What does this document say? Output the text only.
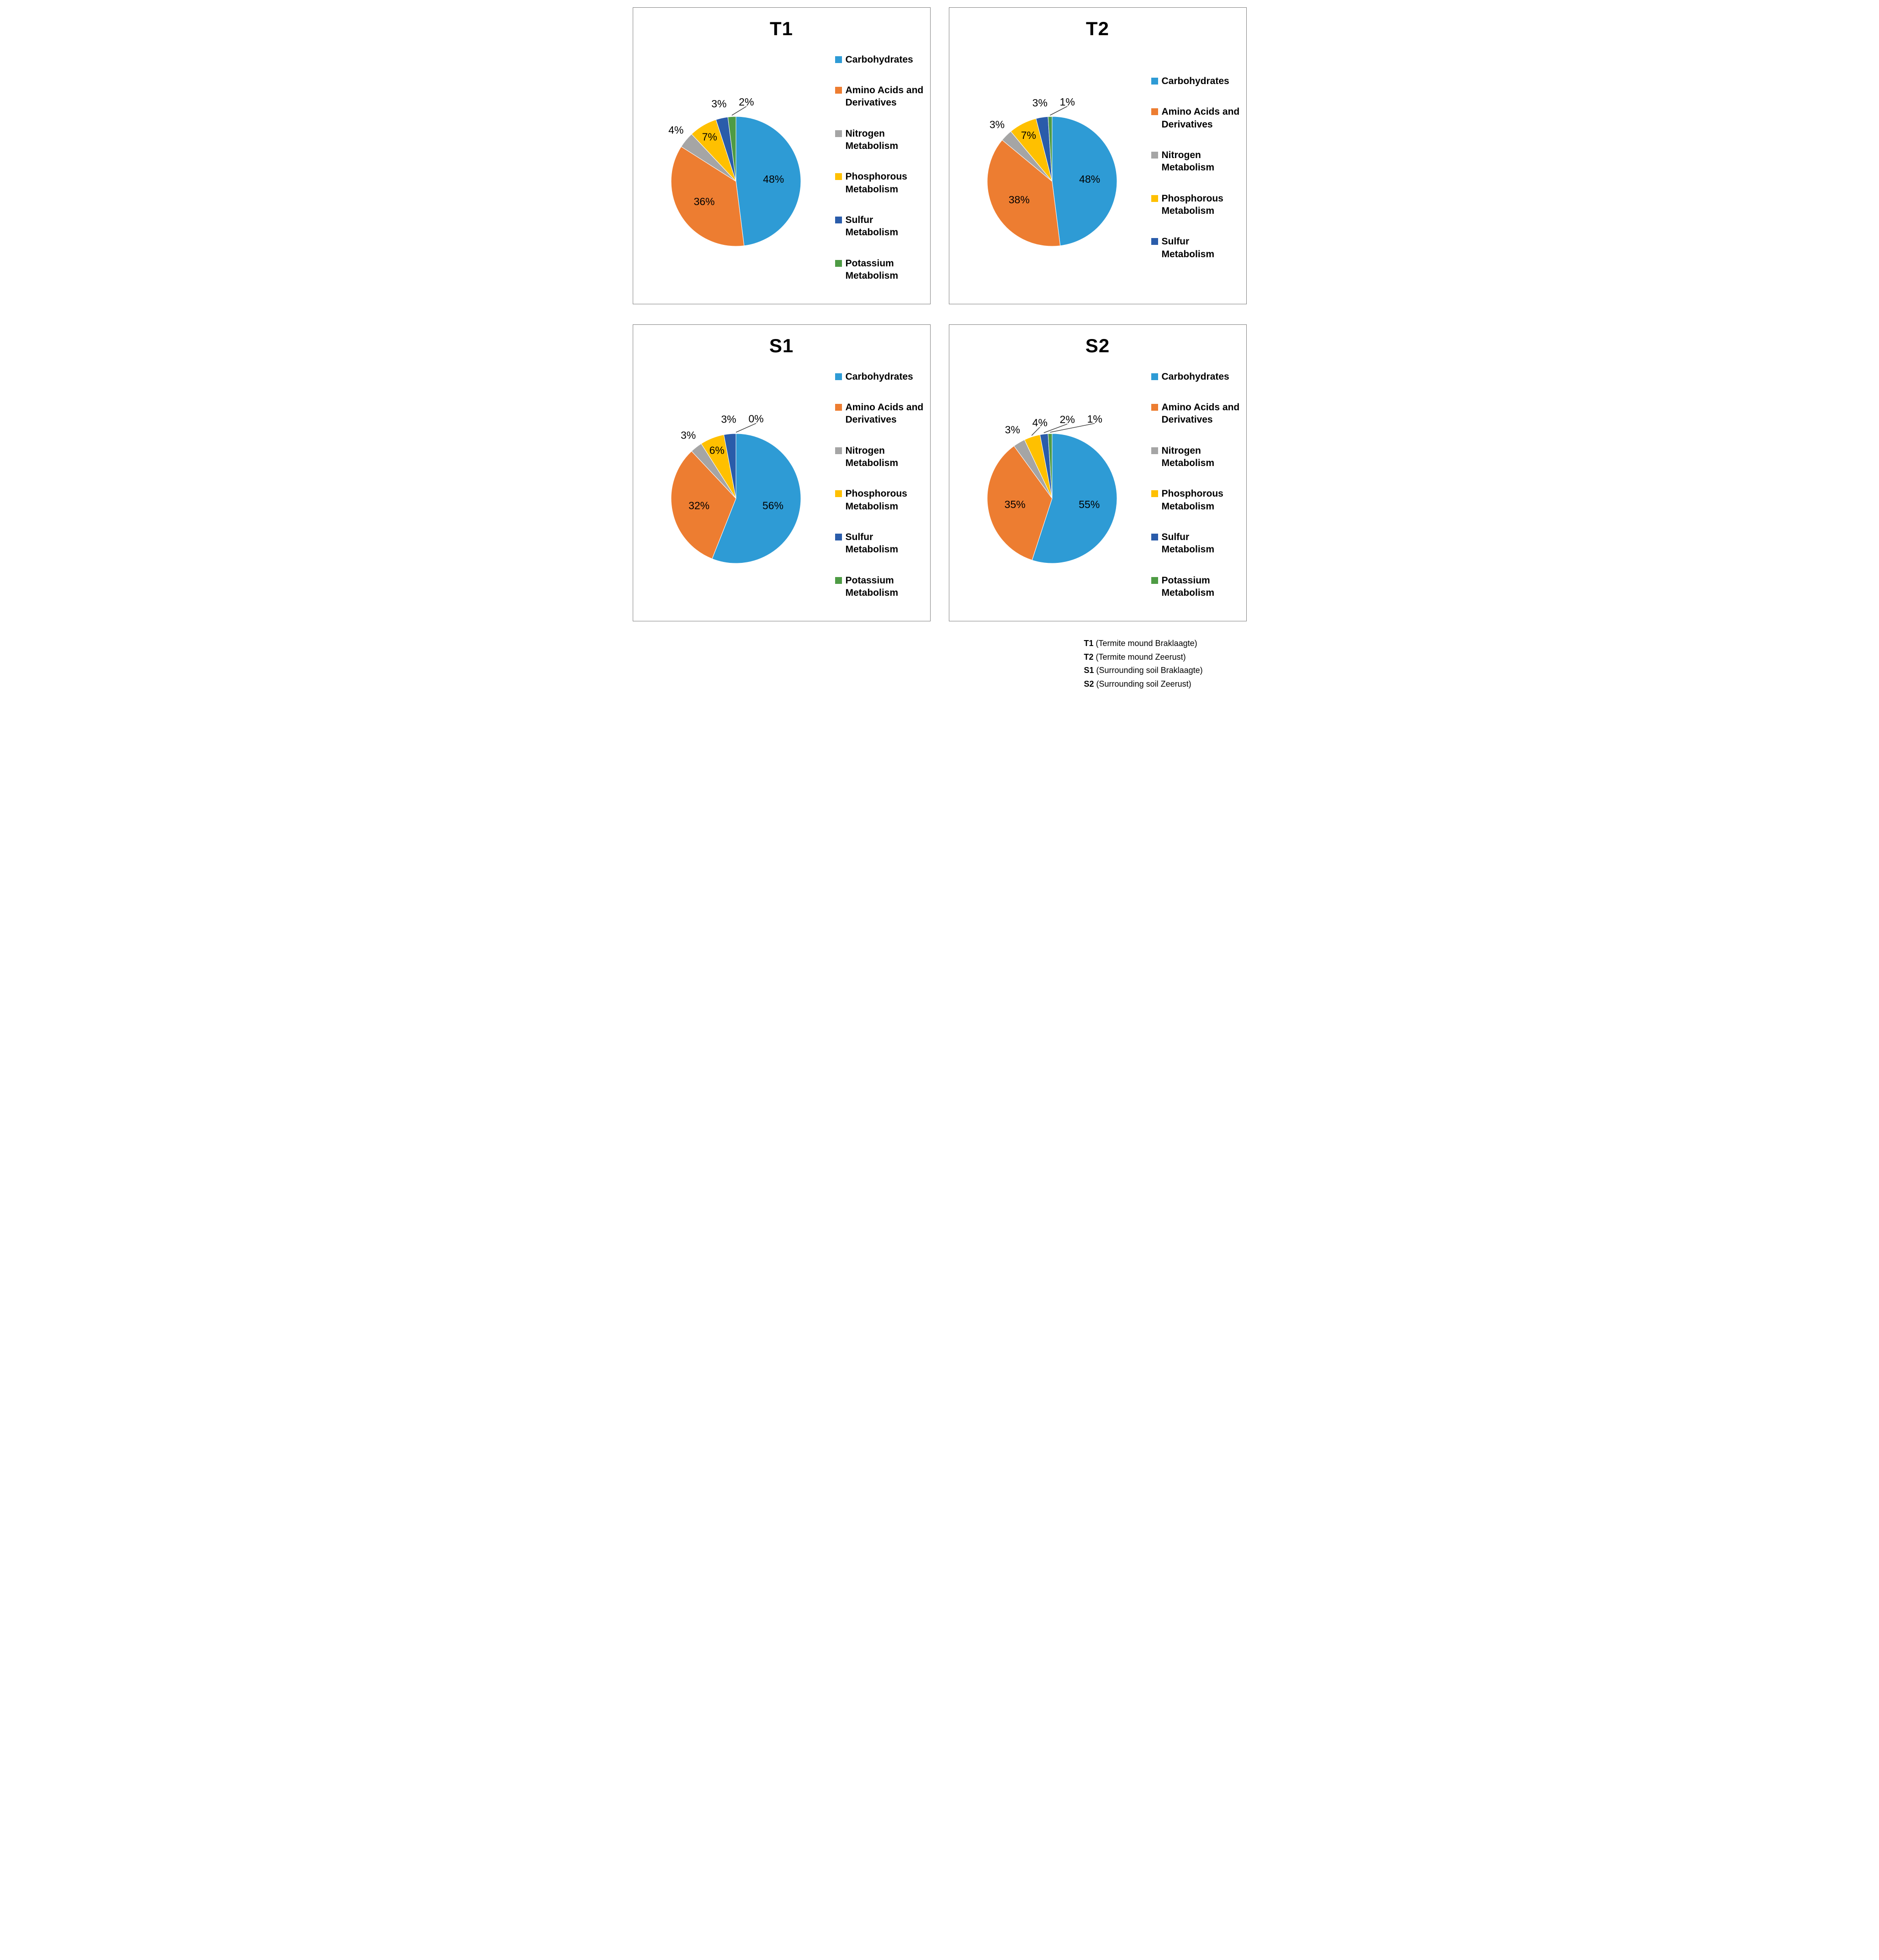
T1
48%
36%
7%
4%
3% 2%
Carbohydrates
Amino Acids and Derivatives
Nitrogen Metabolism
Phosphorous Metabolism
Sulfur Metabolism
Potassium Metabolism
T2
48%
38%
7%
3%
3% 1%
Carbohydrates
Amino Acids and Derivatives
Nitrogen Metabolism
Phosphorous Metabolism
Sulfur Metabolism
S1
56%
32%
6%
3%
3% 0%
Carbohydrates
Amino Acids and Derivatives
Nitrogen Metabolism
Phosphorous Metabolism
Sulfur Metabolism
Potassium Metabolism
S2
55%
35%
3%
4% 2% 1%
Carbohydrates
Amino Acids and Derivatives
Nitrogen Metabolism
Phosphorous Metabolism
Sulfur Metabolism
Potassium Metabolism
T1 (Termite mound Braklaagte)
T2 (Termite mound Zeerust)
S1 (Surrounding soil Braklaagte)
S2 (Surrounding soil Zeerust)
